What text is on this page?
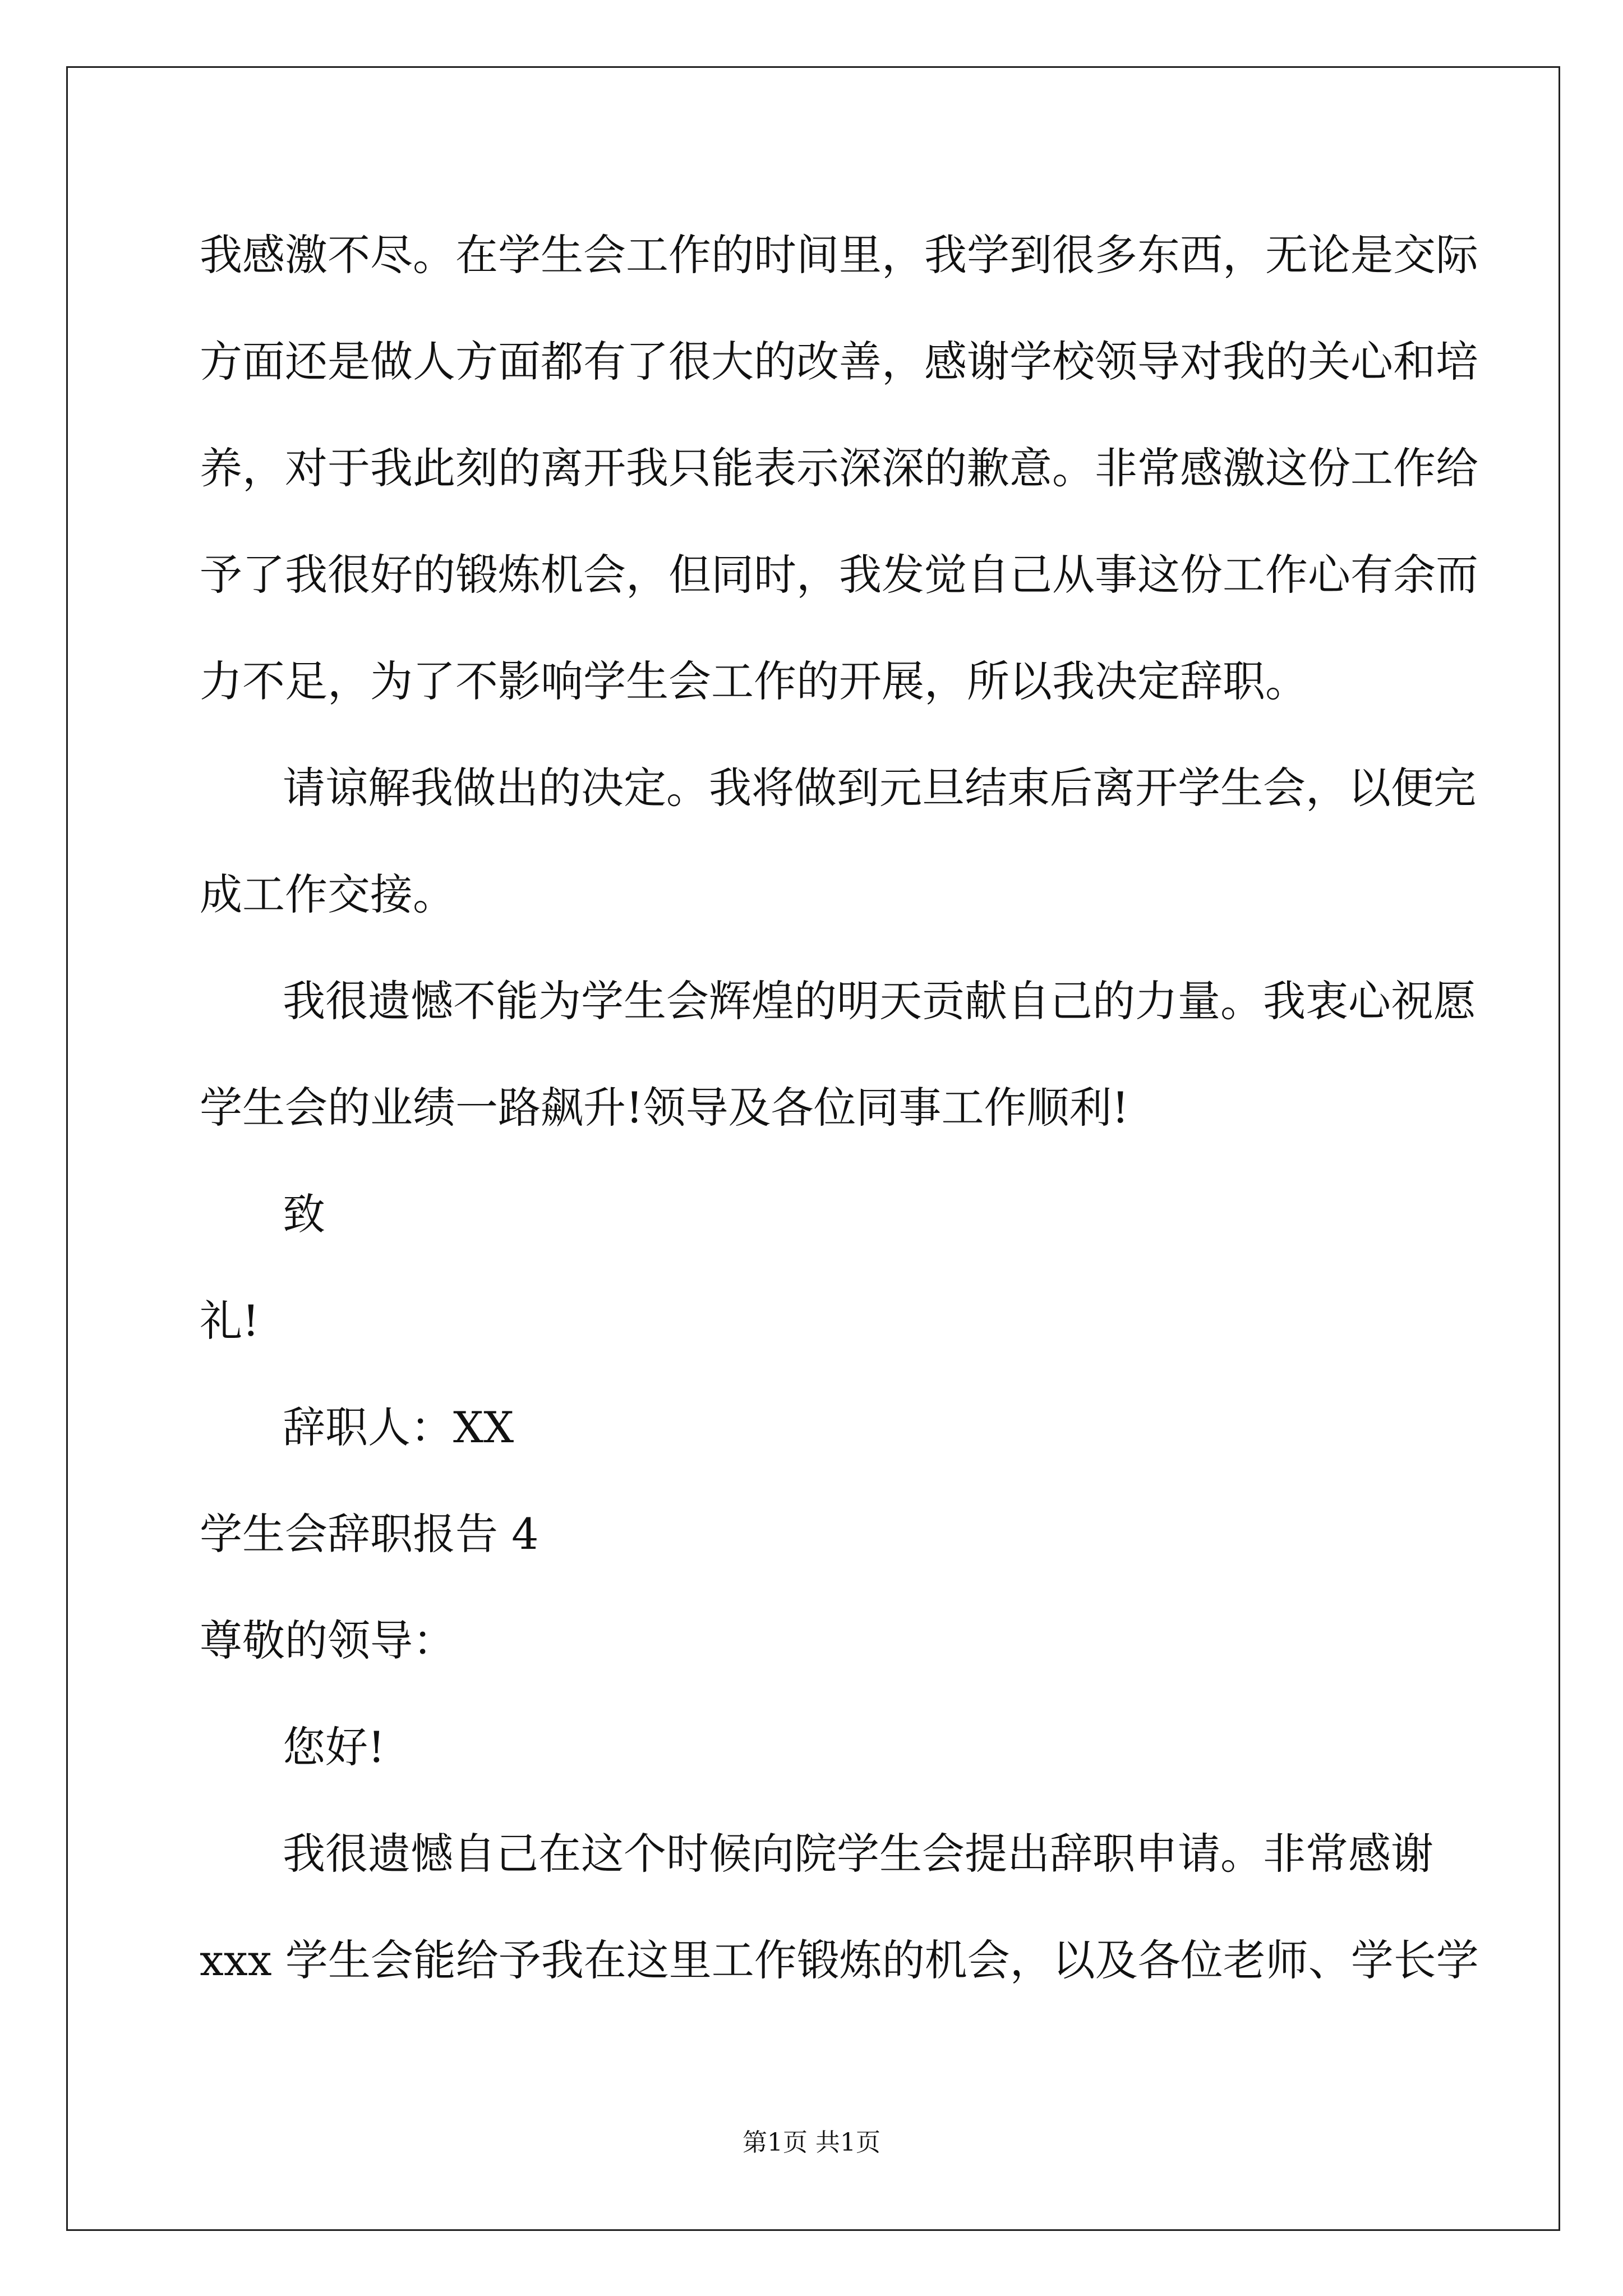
我感激不尽。在学生会工作的时间里，我学到很多东西，无论是交际
方面还是做人方面都有了很大的改善，感谢学校领导对我的关心和培
养，对于我此刻的离开我只能表示深深的歉意。非常感激这份工作给
予了我很好的锻炼机会，但同时，我发觉自己从事这份工作心有余而
力不足，为了不影响学生会工作的开展，所以我决定辞职。
请谅解我做出的决定。我将做到元旦结束后离开学生会，以便完
成工作交接。
我很遗憾不能为学生会辉煌的明天贡献自己的力量。我衷心祝愿
学生会的业绩一路飙升!领导及各位同事工作顺利!
致
礼!
辞职人：XX
学生会辞职报告 4
尊敬的领导：
您好!
我很遗憾自己在这个时候向院学生会提出辞职申请。非常感谢
xxx 学生会能给予我在这里工作锻炼的机会，以及各位老师、学长学
第1页 共1页
